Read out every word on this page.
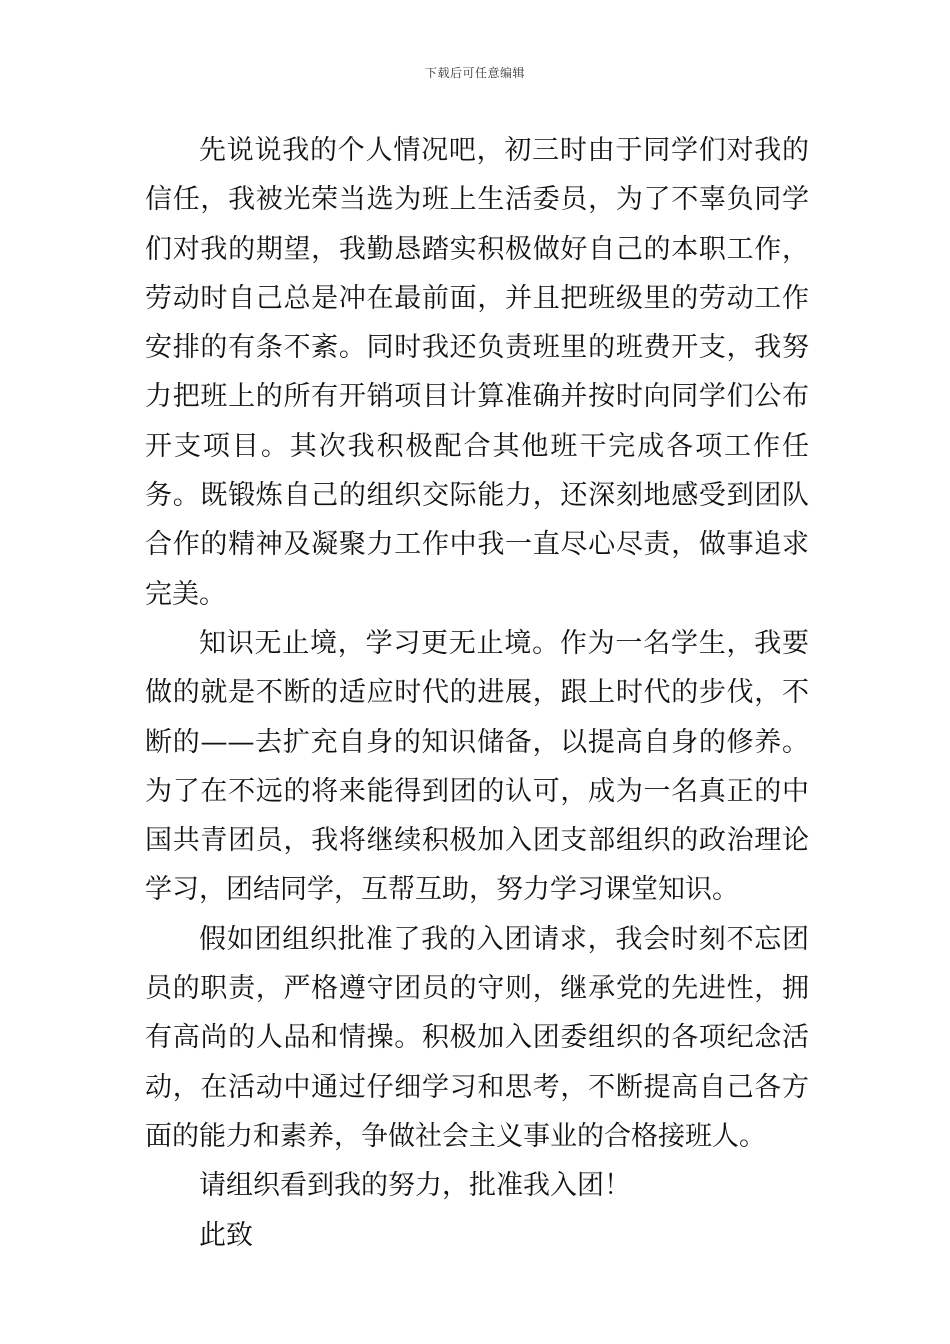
下载后可任意编辑

先说说我的个人情况吧，初三时由于同学们对我的信任，我被光荣当选为班上生活委员，为了不辜负同学们对我的期望，我勤恳踏实积极做好自己的本职工作，劳动时自己总是冲在最前面，并且把班级里的劳动工作安排的有条不紊。同时我还负责班里的班费开支，我努力把班上的所有开销项目计算准确并按时向同学们公布开支项目。其次我积极配合其他班干完成各项工作任务。既锻炼自己的组织交际能力，还深刻地感受到团队合作的精神及凝聚力工作中我一直尽心尽责，做事追求完美。

知识无止境，学习更无止境。作为一名学生，我要做的就是不断的适应时代的进展，跟上时代的步伐，不断的——去扩充自身的知识储备，以提高自身的修养。为了在不远的将来能得到团的认可，成为一名真正的中国共青团员，我将继续积极加入团支部组织的政治理论学习，团结同学，互帮互助，努力学习课堂知识。

假如团组织批准了我的入团请求，我会时刻不忘团员的职责，严格遵守团员的守则，继承党的先进性，拥有高尚的人品和情操。积极加入团委组织的各项纪念活动，在活动中通过仔细学习和思考，不断提高自己各方面的能力和素养，争做社会主义事业的合格接班人。

请组织看到我的努力，批准我入团！

此致
